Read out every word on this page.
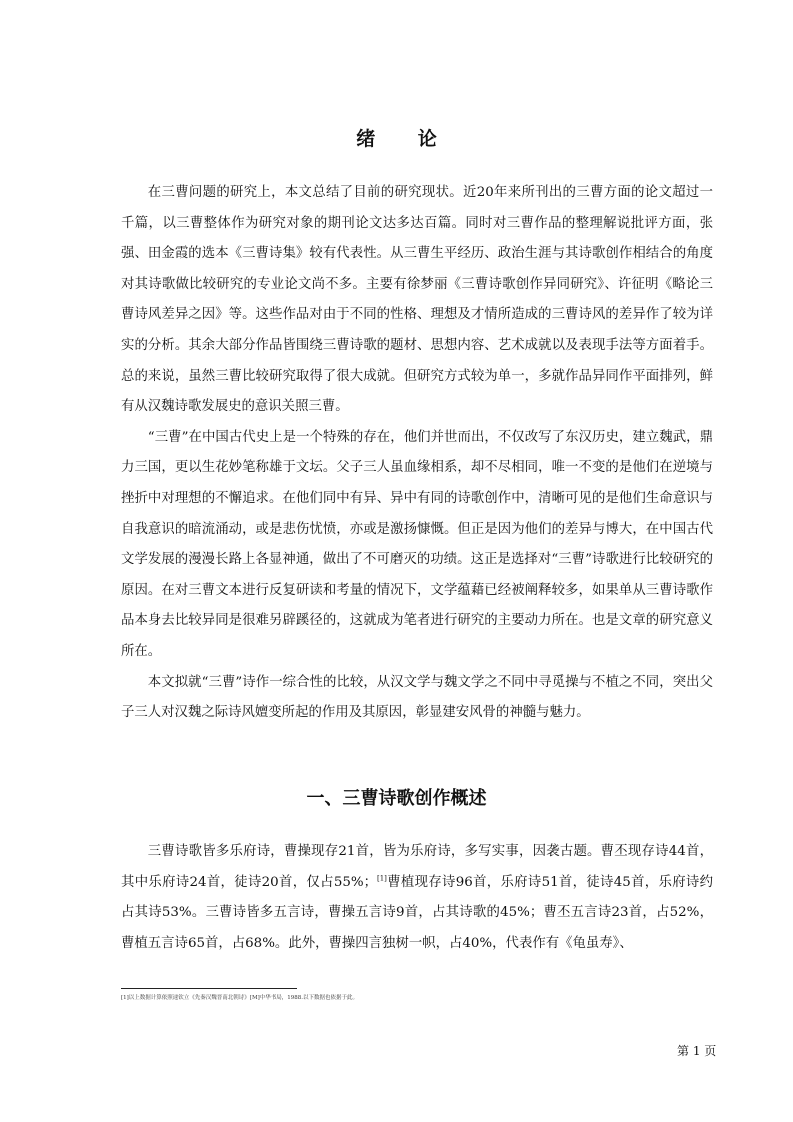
绪 论

在三曹问题的研究上，本文总结了目前的研究现状。近20年来所刊出的三曹方面的论文超过一千篇，以三曹整体作为研究对象的期刊论文达多达百篇。同时对三曹作品的整理解说批评方面，张强、田金霞的选本《三曹诗集》较有代表性。从三曹生平经历、政治生涯与其诗歌创作相结合的角度对其诗歌做比较研究的专业论文尚不多。主要有徐梦丽《三曹诗歌创作异同研究》、许征明《略论三曹诗风差异之因》等。这些作品对由于不同的性格、理想及才情所造成的三曹诗风的差异作了较为详实的分析。其余大部分作品皆围绕三曹诗歌的题材、思想内容、艺术成就以及表现手法等方面着手。总的来说，虽然三曹比较研究取得了很大成就。但研究方式较为单一，多就作品异同作平面排列，鲜有从汉魏诗歌发展史的意识关照三曹。

“三曹”在中国古代史上是一个特殊的存在，他们并世而出，不仅改写了东汉历史，建立魏武，鼎力三国，更以生花妙笔称雄于文坛。父子三人虽血缘相系，却不尽相同，唯一不变的是他们在逆境与挫折中对理想的不懈追求。在他们同中有异、异中有同的诗歌创作中，清晰可见的是他们生命意识与自我意识的暗流涌动，或是悲伤忧愤，亦或是激扬慷慨。但正是因为他们的差异与博大，在中国古代文学发展的漫漫长路上各显神通，做出了不可磨灭的功绩。这正是选择对“三曹”诗歌进行比较研究的原因。在对三曹文本进行反复研读和考量的情况下，文学蕴藉已经被阐释较多，如果单从三曹诗歌作品本身去比较异同是很难另辟蹊径的，这就成为笔者进行研究的主要动力所在。也是文章的研究意义所在。

本文拟就“三曹”诗作一综合性的比较，从汉文学与魏文学之不同中寻觅操与不植之不同，突出父子三人对汉魏之际诗风嬗变所起的作用及其原因，彰显建安风骨的神髓与魅力。

一、三曹诗歌创作概述

三曹诗歌皆多乐府诗，曹操现存21首，皆为乐府诗，多写实事，因袭古题。曹丕现存诗44首，其中乐府诗24首，徒诗20首，仅占55%；[1]曹植现存诗96首，乐府诗51首，徒诗45首，乐府诗约占其诗53%。三曹诗皆多五言诗，曹操五言诗9首，占其诗歌的45%；曹丕五言诗23首，占52%，曹植五言诗65首，占68%。此外，曹操四言独树一帜，占40%，代表作有《龟虽寿》、

[1]以上数据计算依照逯钦立《先秦汉魏晋南北朝诗》[M]中华书局，1988.以下数据也依据于此。
第 1 页
